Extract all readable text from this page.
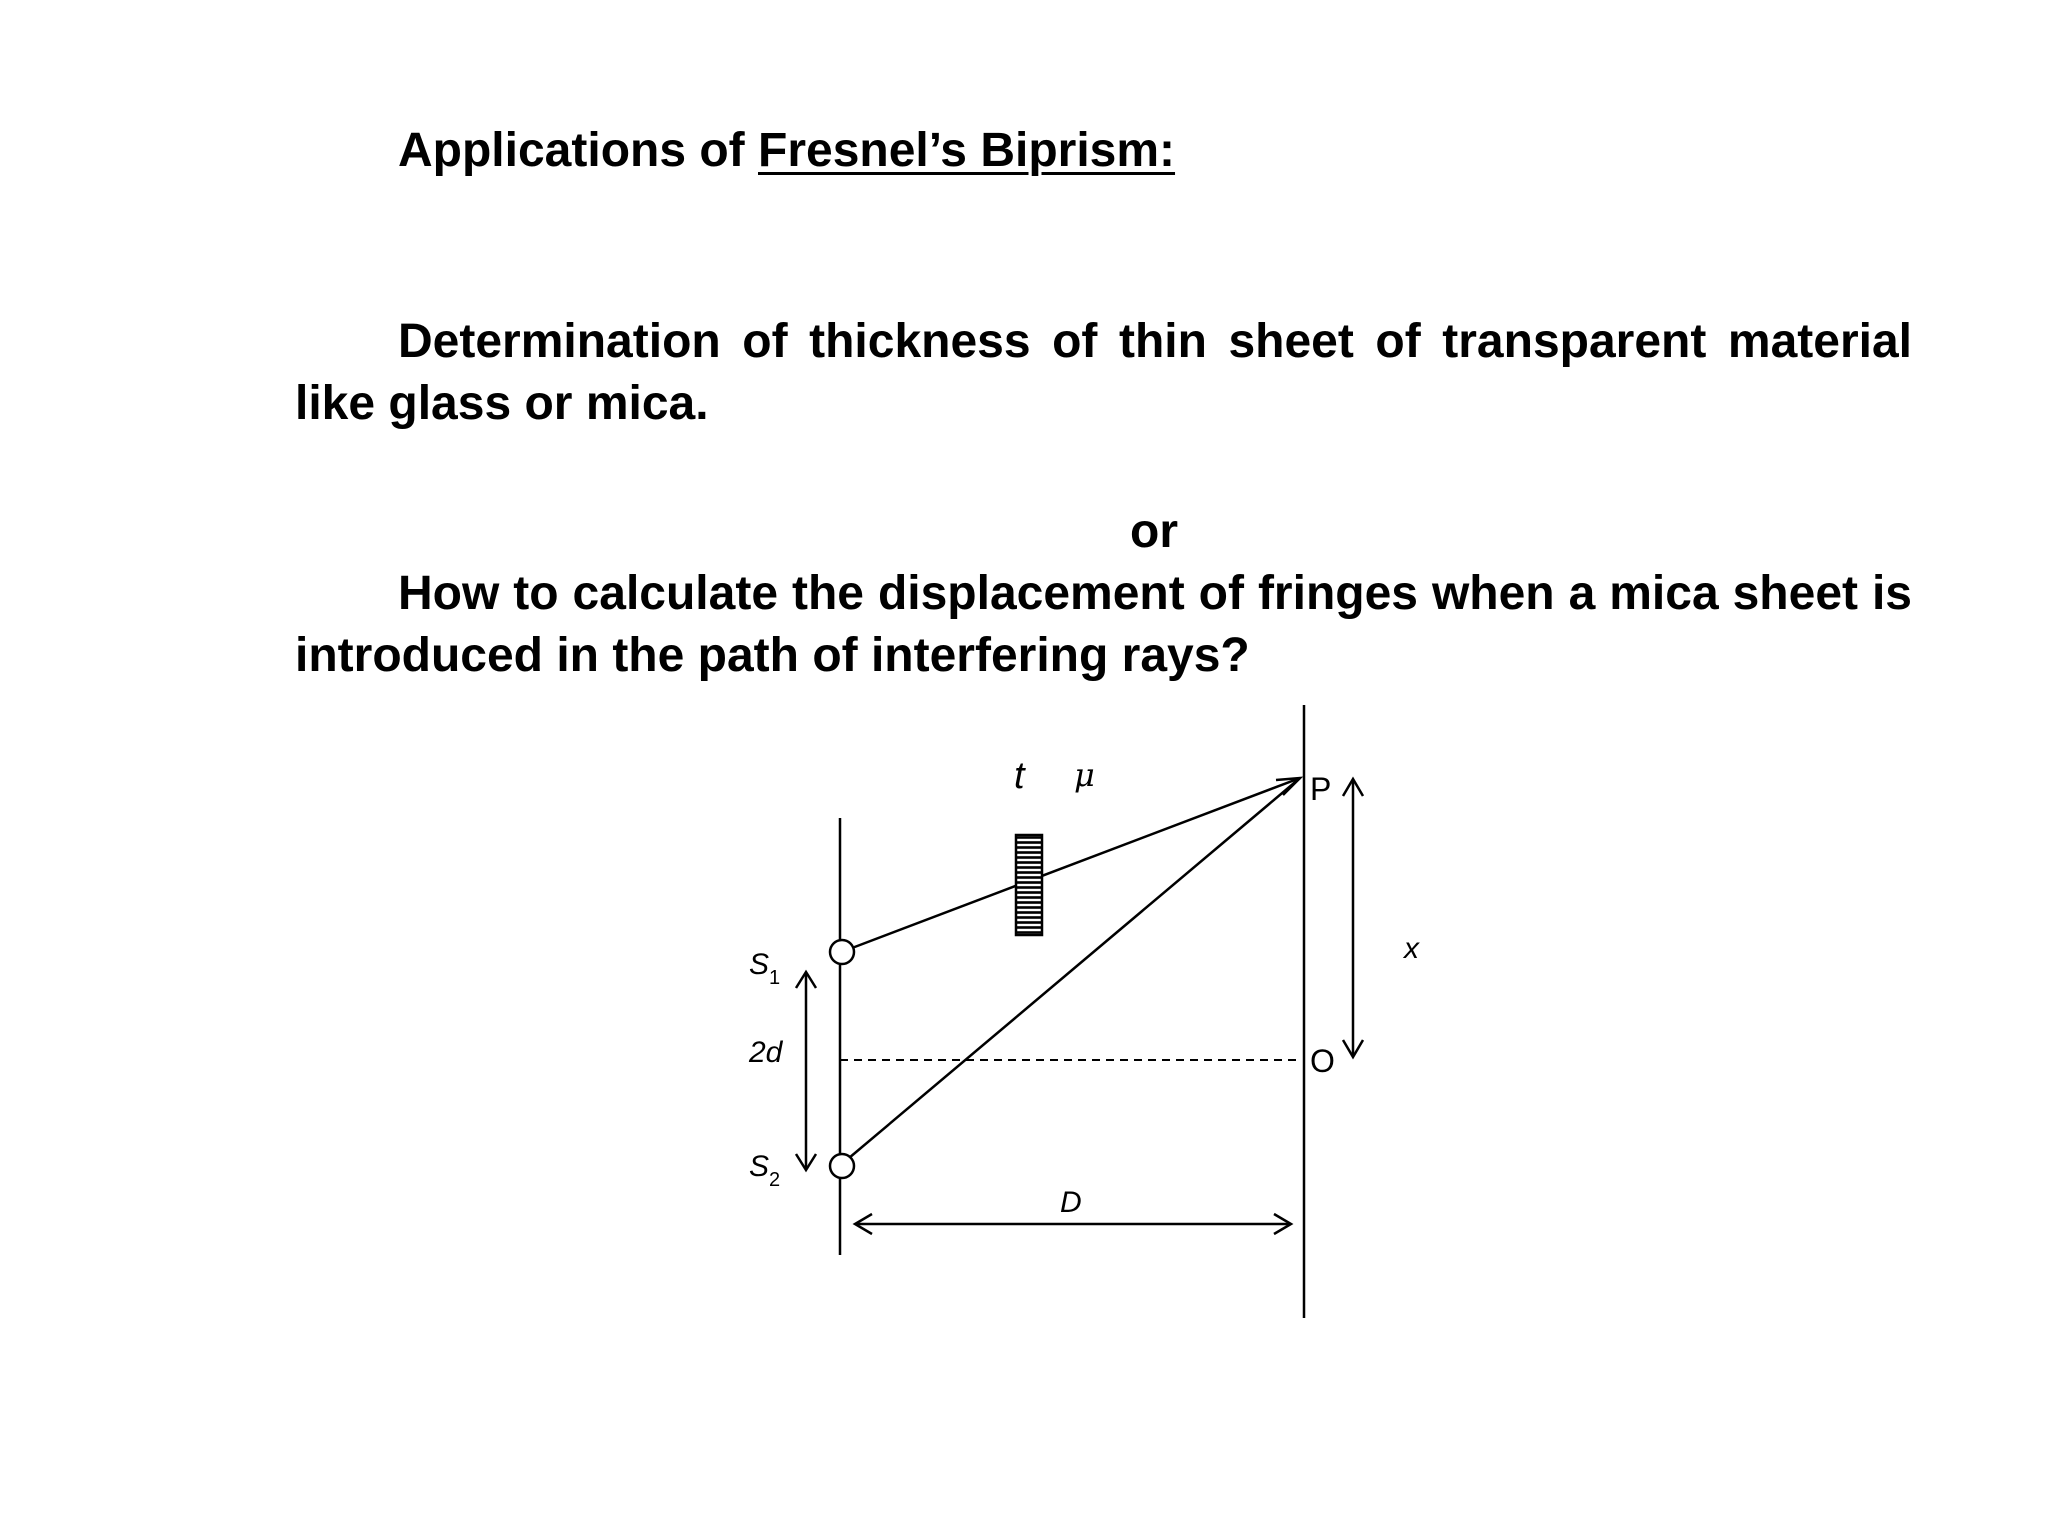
Applications of Fresnel’s Biprism:

Determination of thickness of thin sheet of transparent material like glass or mica.

or

How to calculate the displacement of fringes when a mica sheet is introduced in the path of interfering rays?

t μ	P
O
x
2d
D
$S_1$
$S_2$
